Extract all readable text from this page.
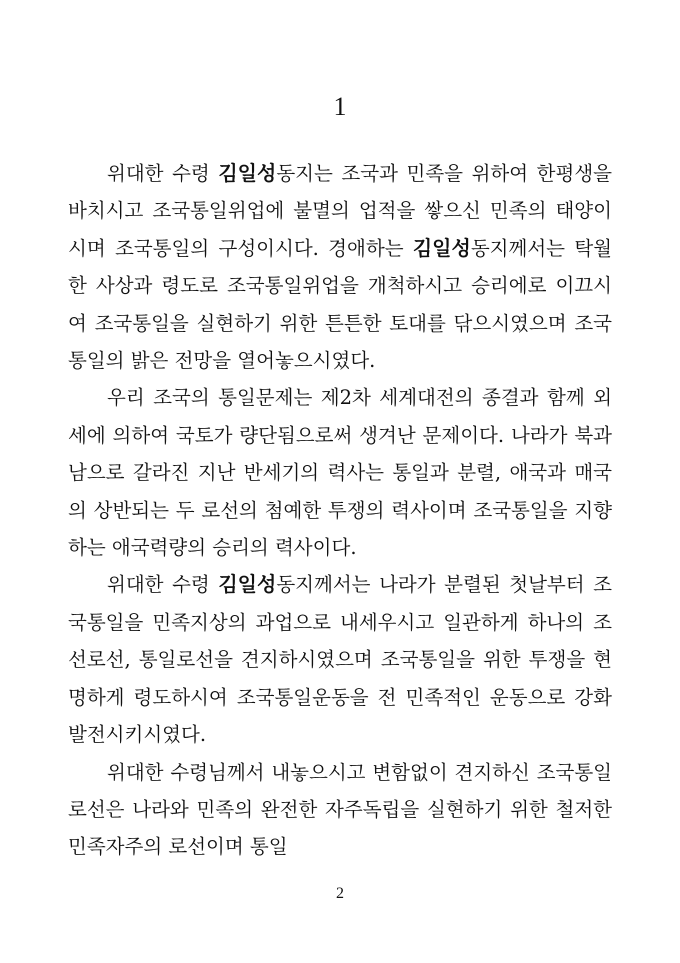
1

위대한 수령 김일성동지는 조국과 민족을 위하여 한평생을 바치시고 조국통일위업에 불멸의 업적을 쌓으신 민족의 태양이시며 조국통일의 구성이시다. 경애하는 김일성동지께서는 탁월한 사상과 령도로 조국통일위업을 개척하시고 승리에로 이끄시여 조국통일을 실현하기 위한 튼튼한 토대를 닦으시였으며 조국통일의 밝은 전망을 열어놓으시였다.

우리 조국의 통일문제는 제2차 세계대전의 종결과 함께 외세에 의하여 국토가 량단됨으로써 생겨난 문제이다. 나라가 북과 남으로 갈라진 지난 반세기의 력사는 통일과 분렬, 애국과 매국의 상반되는 두 로선의 첨예한 투쟁의 력사이며 조국통일을 지향하는 애국력량의 승리의 력사이다.

위대한 수령 김일성동지께서는 나라가 분렬된 첫날부터 조국통일을 민족지상의 과업으로 내세우시고 일관하게 하나의 조선로선, 통일로선을 견지하시였으며 조국통일을 위한 투쟁을 현명하게 령도하시여 조국통일운동을 전 민족적인 운동으로 강화발전시키시였다.

위대한 수령님께서 내놓으시고 변함없이 견지하신 조국통일로선은 나라와 민족의 완전한 자주독립을 실현하기 위한 철저한 민족자주의 로선이며 통일

2
